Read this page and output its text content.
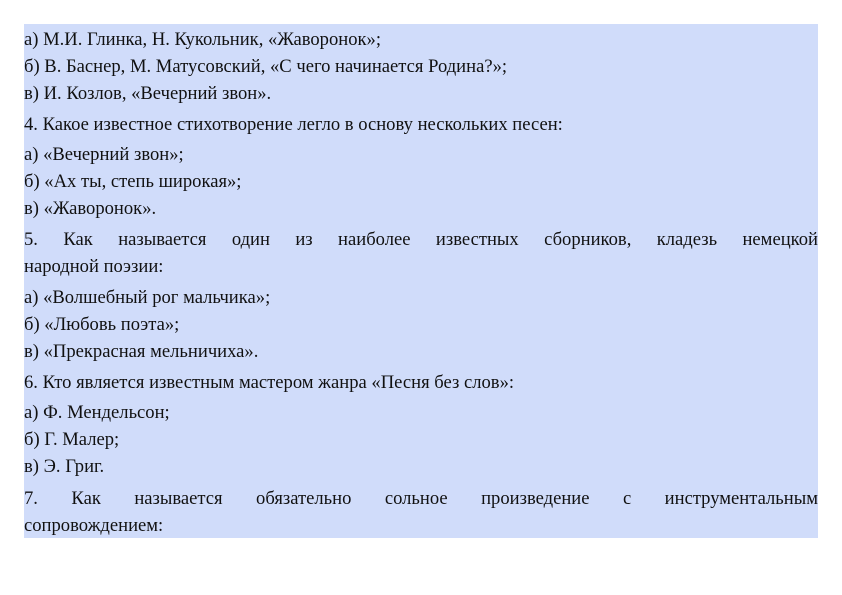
а) М.И. Глинка, Н. Кукольник, «Жаворонок»;
б) В. Баснер, М. Матусовский, «С чего начинается Родина?»;
в) И. Козлов, «Вечерний звон».
4. Какое известное стихотворение легло в основу нескольких песен:
а) «Вечерний звон»;
б) «Ах ты, степь широкая»;
в) «Жаворонок».
5. Как называется один из наиболее известных сборников, кладезь немецкой
народной поэзии:
а) «Волшебный рог мальчика»;
б) «Любовь поэта»;
в) «Прекрасная мельничиха».
6. Кто является известным мастером жанра «Песня без слов»:
а) Ф. Мендельсон;
б) Г. Малер;
в) Э. Григ.
7. Как называется обязательно сольное произведение с инструментальным
сопровождением:
